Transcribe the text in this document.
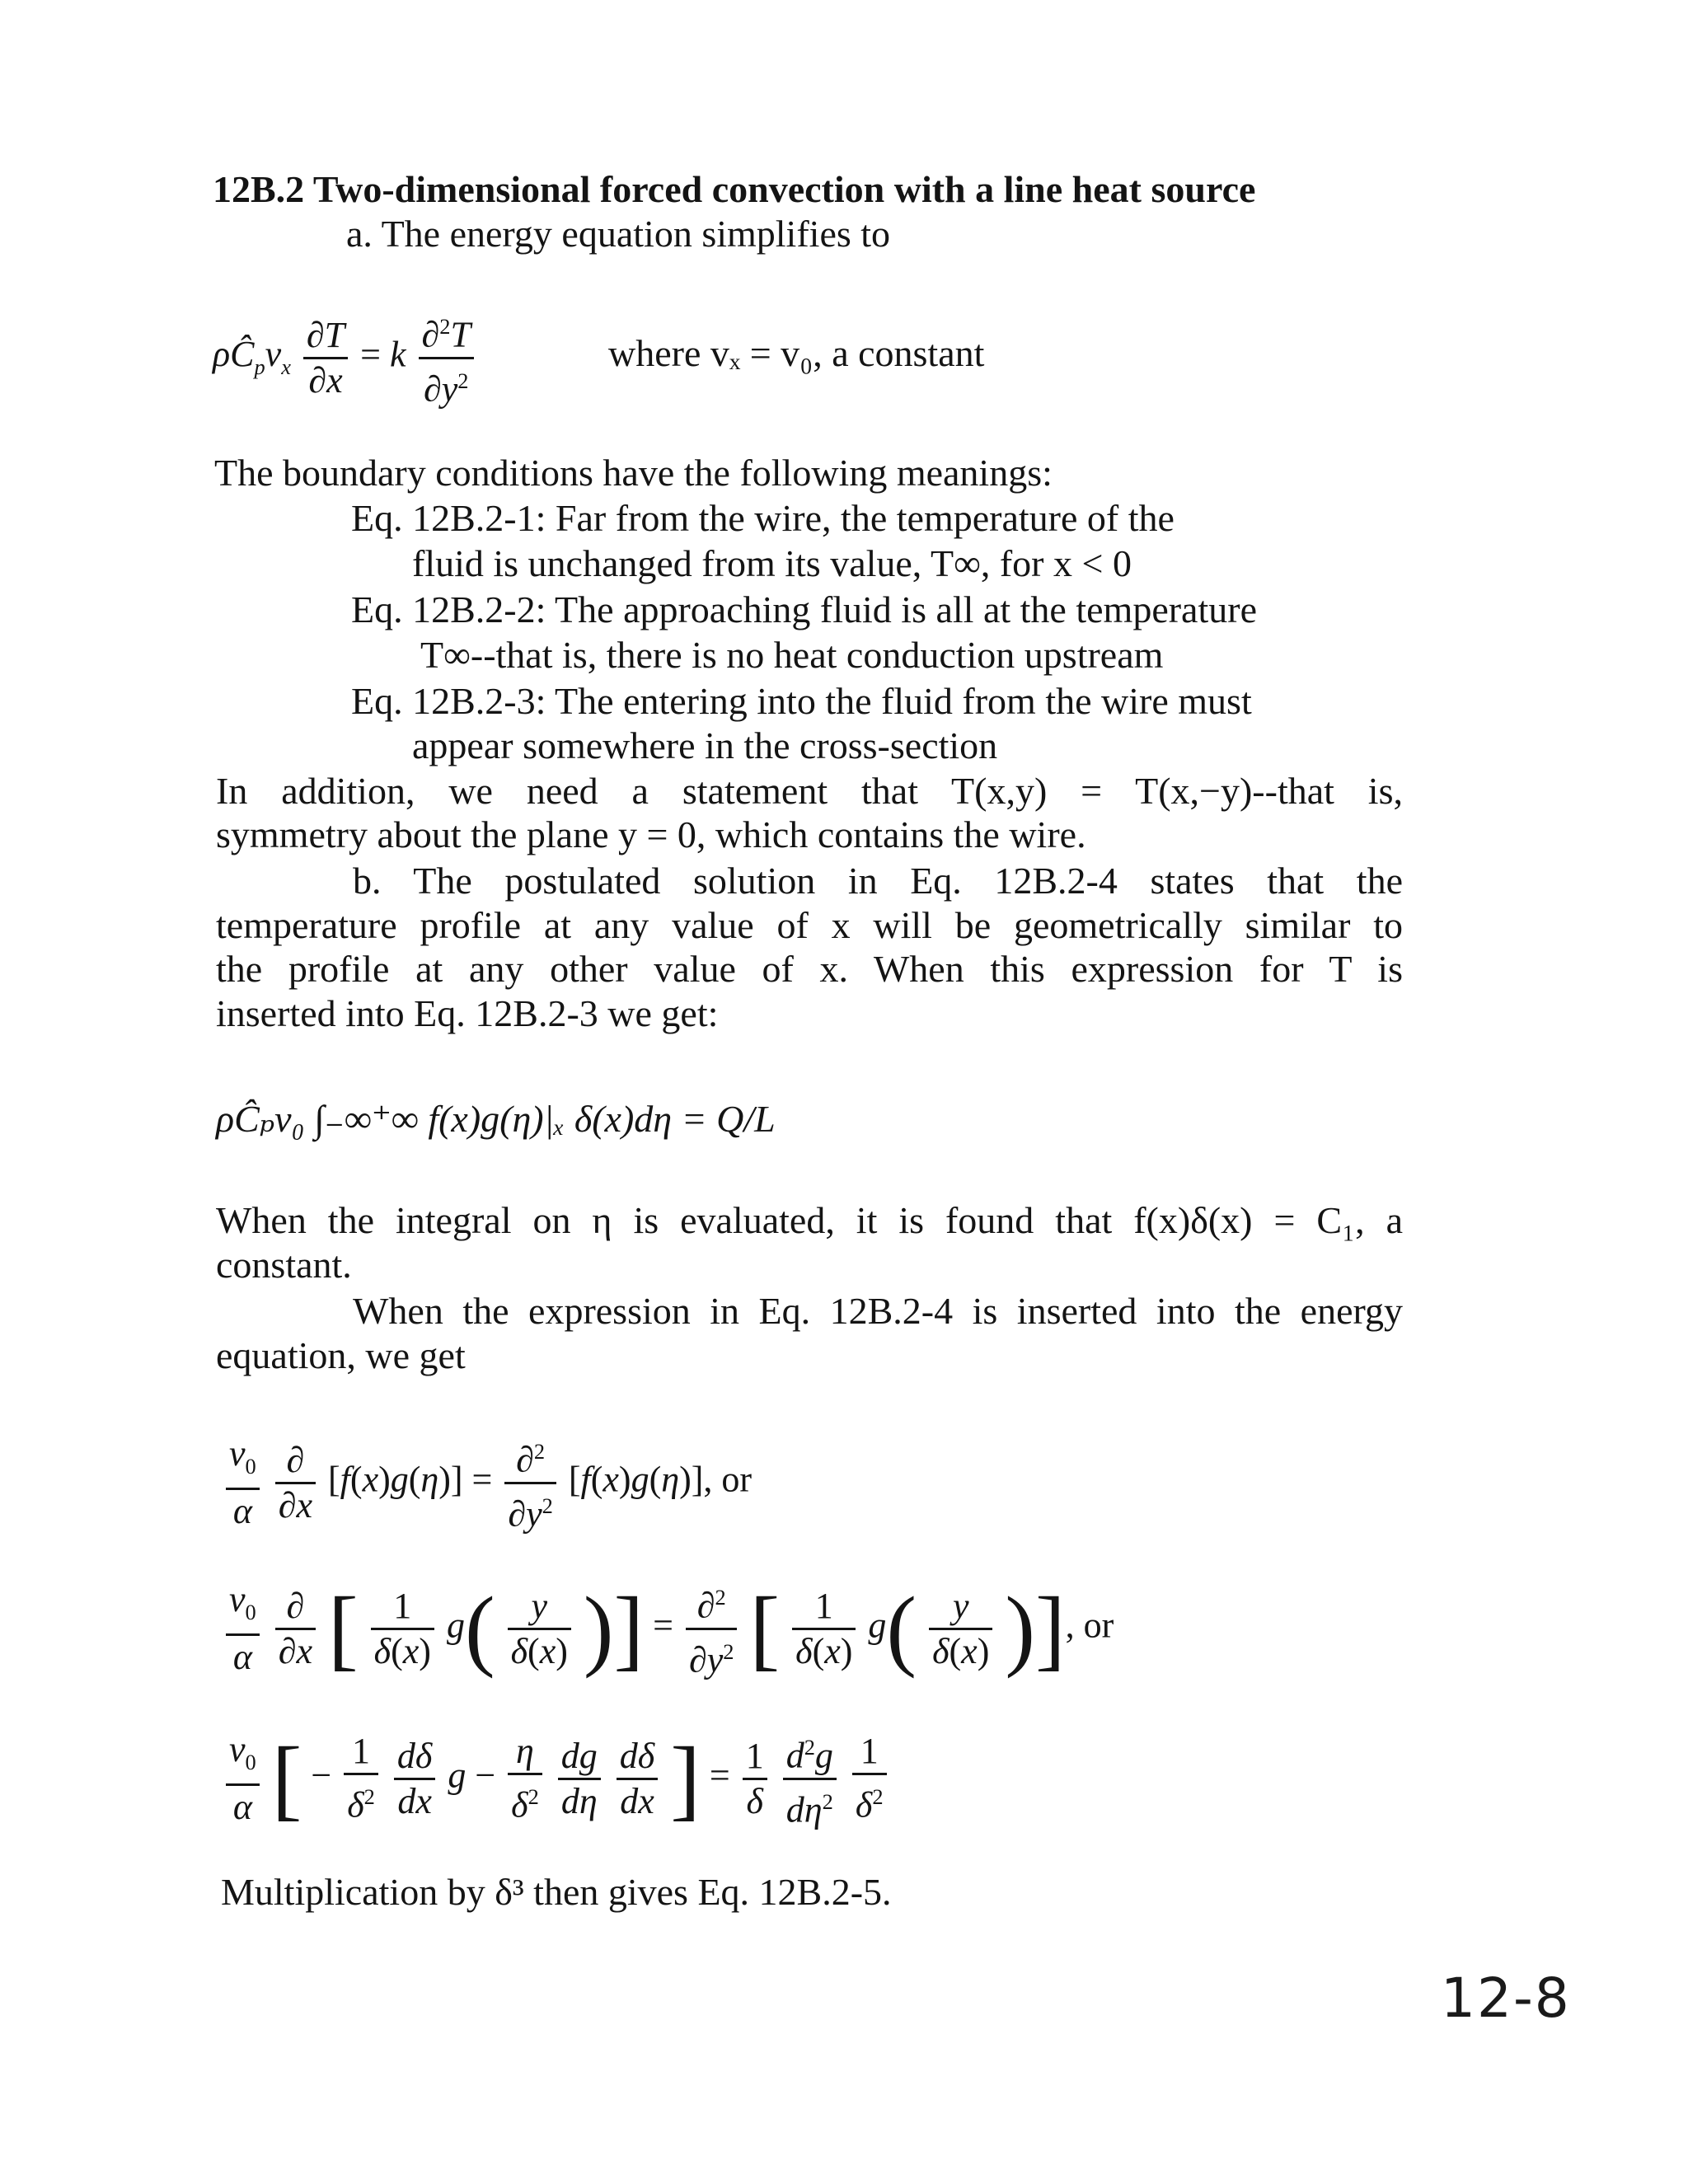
12B.2 Two-dimensional forced convection with a line heat source
a. The energy equation simplifies to
$\rho Ĉ_pv_x \frac{\partial T}{\partial x} = k \frac{\partial^2T}{\partial y^2}$	where vₓ = v₀, a constant
The boundary conditions have the following meanings:
Eq. 12B.2-1: Far from the wire, the temperature of the
fluid is unchanged from its value, T∞, for x < 0
Eq. 12B.2-2: The approaching fluid is all at the temperature
T∞--that is, there is no heat conduction upstream
Eq. 12B.2-3: The entering into the fluid from the wire must
appear somewhere in the cross-section
In addition, we need a statement that T(x,y) = T(x,−y)--that is,
symmetry about the plane y = 0, which contains the wire.
b. The postulated solution in Eq. 12B.2-4 states that the
temperature profile at any value of x will be geometrically similar to
the profile at any other value of x. When this expression for T is
inserted into Eq. 12B.2-3 we get:
ρĈₚv₀ ∫₋∞⁺∞ f(x)g(η)|ₓ δ(x)dη = Q/L
When the integral on η is evaluated, it is found that f(x)δ(x) = C₁, a
constant.
When the expression in Eq. 12B.2-4 is inserted into the energy
equation, we get
$\frac{v_0}{\alpha}$
$\frac{\partial}{\partial x} [f(x)g(\eta)] = \frac{\partial^2}{\partial y^2} [f(x)g(\eta)]$, or
$\frac{v_0}{\alpha}$
$\frac{\partial}{\partial x}$ [ $\frac{1}{\delta(x)} g( \frac{y}{\delta(x)}$ )] = $\frac{\partial^2}{\partial y^2}$ [ $\frac{1}{\delta(x)} g( \frac{y}{\delta(x)}$ )], or
$\frac{v_0}{\alpha}$ [ − $\frac{1}{\delta^2}$
$\frac{d\delta}{dx}$ $g - \frac{\eta}{\delta^2}$
$\frac{dg}{d\eta}$
$\frac{d\delta}{dx}$ ] = $\frac{1}{\delta}$
$\frac{d^2g}{d\eta^2}$
$\frac{1}{\delta^2}$
Multiplication by δ³ then gives Eq. 12B.2-5.
12-8
